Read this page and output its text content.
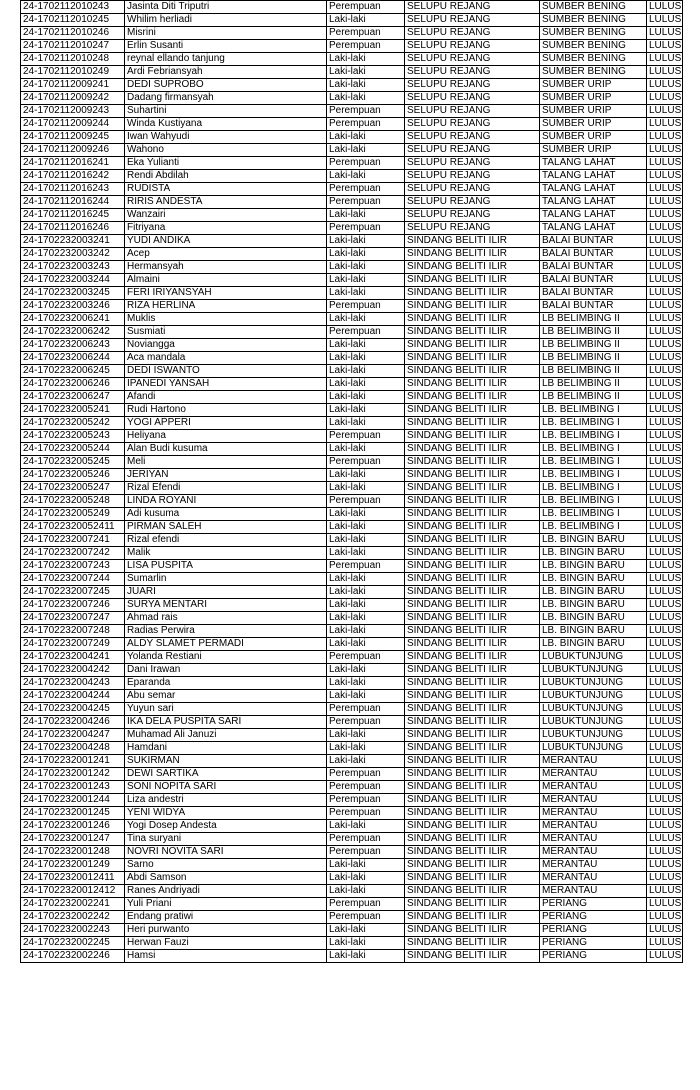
24-1702112010243	Jasinta Diti Triputri	Perempuan	SELUPU REJANG	SUMBER BENING	LULUS
24-1702112010245	Whilim herliadi	Laki-laki	SELUPU REJANG	SUMBER BENING	LULUS
24-1702112010246	Misrini	Perempuan	SELUPU REJANG	SUMBER BENING	LULUS
24-1702112010247	Erlin Susanti	Perempuan	SELUPU REJANG	SUMBER BENING	LULUS
24-1702112010248	reynal ellando tanjung	Laki-laki	SELUPU REJANG	SUMBER BENING	LULUS
24-1702112010249	Ardi Febriansyah	Laki-laki	SELUPU REJANG	SUMBER BENING	LULUS
24-1702112009241	DEDI SUPROBO	Laki-laki	SELUPU REJANG	SUMBER URIP	LULUS
24-1702112009242	Dadang firmansyah	Laki-laki	SELUPU REJANG	SUMBER URIP	LULUS
24-1702112009243	Suhartini	Perempuan	SELUPU REJANG	SUMBER URIP	LULUS
24-1702112009244	Winda Kustiyana	Perempuan	SELUPU REJANG	SUMBER URIP	LULUS
24-1702112009245	Iwan Wahyudi	Laki-laki	SELUPU REJANG	SUMBER URIP	LULUS
24-1702112009246	Wahono	Laki-laki	SELUPU REJANG	SUMBER URIP	LULUS
24-1702112016241	Eka Yulianti	Perempuan	SELUPU REJANG	TALANG LAHAT	LULUS
24-1702112016242	Rendi Abdilah	Laki-laki	SELUPU REJANG	TALANG LAHAT	LULUS
24-1702112016243	RUDISTA	Perempuan	SELUPU REJANG	TALANG LAHAT	LULUS
24-1702112016244	RIRIS ANDESTA	Perempuan	SELUPU REJANG	TALANG LAHAT	LULUS
24-1702112016245	Wanzairi	Laki-laki	SELUPU REJANG	TALANG LAHAT	LULUS
24-1702112016246	Fitriyana	Perempuan	SELUPU REJANG	TALANG LAHAT	LULUS
24-1702232003241	YUDI ANDIKA	Laki-laki	SINDANG BELITI ILIR	BALAI BUNTAR	LULUS
24-1702232003242	Acep	Laki-laki	SINDANG BELITI ILIR	BALAI BUNTAR	LULUS
24-1702232003243	Hermansyah	Laki-laki	SINDANG BELITI ILIR	BALAI BUNTAR	LULUS
24-1702232003244	Almaini	Laki-laki	SINDANG BELITI ILIR	BALAI BUNTAR	LULUS
24-1702232003245	FERI IRIYANSYAH	Laki-laki	SINDANG BELITI ILIR	BALAI BUNTAR	LULUS
24-1702232003246	RIZA HERLINA	Perempuan	SINDANG BELITI ILIR	BALAI BUNTAR	LULUS
24-1702232006241	Muklis	Laki-laki	SINDANG BELITI ILIR	LB BELIMBING II	LULUS
24-1702232006242	Susmiati	Perempuan	SINDANG BELITI ILIR	LB BELIMBING II	LULUS
24-1702232006243	Noviangga	Laki-laki	SINDANG BELITI ILIR	LB BELIMBING II	LULUS
24-1702232006244	Aca mandala	Laki-laki	SINDANG BELITI ILIR	LB BELIMBING II	LULUS
24-1702232006245	DEDI ISWANTO	Laki-laki	SINDANG BELITI ILIR	LB BELIMBING II	LULUS
24-1702232006246	IPANEDI YANSAH	Laki-laki	SINDANG BELITI ILIR	LB BELIMBING II	LULUS
24-1702232006247	Afandi	Laki-laki	SINDANG BELITI ILIR	LB BELIMBING II	LULUS
24-1702232005241	Rudi Hartono	Laki-laki	SINDANG BELITI ILIR	LB. BELIMBING I	LULUS
24-1702232005242	YOGI APPERI	Laki-laki	SINDANG BELITI ILIR	LB. BELIMBING I	LULUS
24-1702232005243	Heliyana	Perempuan	SINDANG BELITI ILIR	LB. BELIMBING I	LULUS
24-1702232005244	Alan Budi kusuma	Laki-laki	SINDANG BELITI ILIR	LB. BELIMBING I	LULUS
24-1702232005245	Meli	Perempuan	SINDANG BELITI ILIR	LB. BELIMBING I	LULUS
24-1702232005246	JERIYAN	Laki-laki	SINDANG BELITI ILIR	LB. BELIMBING I	LULUS
24-1702232005247	Rizal Efendi	Laki-laki	SINDANG BELITI ILIR	LB. BELIMBING I	LULUS
24-1702232005248	LINDA ROYANI	Perempuan	SINDANG BELITI ILIR	LB. BELIMBING I	LULUS
24-1702232005249	Adi kusuma	Laki-laki	SINDANG BELITI ILIR	LB. BELIMBING I	LULUS
24-17022320052411	PIRMAN SALEH	Laki-laki	SINDANG BELITI ILIR	LB. BELIMBING I	LULUS
24-1702232007241	Rizal efendi	Laki-laki	SINDANG BELITI ILIR	LB. BINGIN BARU	LULUS
24-1702232007242	Malik	Laki-laki	SINDANG BELITI ILIR	LB. BINGIN BARU	LULUS
24-1702232007243	LISA PUSPITA	Perempuan	SINDANG BELITI ILIR	LB. BINGIN BARU	LULUS
24-1702232007244	Sumarlin	Laki-laki	SINDANG BELITI ILIR	LB. BINGIN BARU	LULUS
24-1702232007245	JUARI	Laki-laki	SINDANG BELITI ILIR	LB. BINGIN BARU	LULUS
24-1702232007246	SURYA MENTARI	Laki-laki	SINDANG BELITI ILIR	LB. BINGIN BARU	LULUS
24-1702232007247	Ahmad rais	Laki-laki	SINDANG BELITI ILIR	LB. BINGIN BARU	LULUS
24-1702232007248	Radias Perwira	Laki-laki	SINDANG BELITI ILIR	LB. BINGIN BARU	LULUS
24-1702232007249	ALDY SLAMET PERMADI	Laki-laki	SINDANG BELITI ILIR	LB. BINGIN BARU	LULUS
24-1702232004241	Yolanda Restiani	Perempuan	SINDANG BELITI ILIR	LUBUKTUNJUNG	LULUS
24-1702232004242	Dani Irawan	Laki-laki	SINDANG BELITI ILIR	LUBUKTUNJUNG	LULUS
24-1702232004243	Eparanda	Laki-laki	SINDANG BELITI ILIR	LUBUKTUNJUNG	LULUS
24-1702232004244	Abu semar	Laki-laki	SINDANG BELITI ILIR	LUBUKTUNJUNG	LULUS
24-1702232004245	Yuyun sari	Perempuan	SINDANG BELITI ILIR	LUBUKTUNJUNG	LULUS
24-1702232004246	IKA DELA PUSPITA SARI	Perempuan	SINDANG BELITI ILIR	LUBUKTUNJUNG	LULUS
24-1702232004247	Muhamad Ali Januzi	Laki-laki	SINDANG BELITI ILIR	LUBUKTUNJUNG	LULUS
24-1702232004248	Hamdani	Laki-laki	SINDANG BELITI ILIR	LUBUKTUNJUNG	LULUS
24-1702232001241	SUKIRMAN	Laki-laki	SINDANG BELITI ILIR	MERANTAU	LULUS
24-1702232001242	DEWI SARTIKA	Perempuan	SINDANG BELITI ILIR	MERANTAU	LULUS
24-1702232001243	SONI NOPITA SARI	Perempuan	SINDANG BELITI ILIR	MERANTAU	LULUS
24-1702232001244	Liza andestri	Perempuan	SINDANG BELITI ILIR	MERANTAU	LULUS
24-1702232001245	YENI WIDYA	Perempuan	SINDANG BELITI ILIR	MERANTAU	LULUS
24-1702232001246	Yogi Dosep Andesta	Laki-laki	SINDANG BELITI ILIR	MERANTAU	LULUS
24-1702232001247	Tina suryani	Perempuan	SINDANG BELITI ILIR	MERANTAU	LULUS
24-1702232001248	NOVRI NOVITA SARI	Perempuan	SINDANG BELITI ILIR	MERANTAU	LULUS
24-1702232001249	Sarno	Laki-laki	SINDANG BELITI ILIR	MERANTAU	LULUS
24-17022320012411	Abdi Samson	Laki-laki	SINDANG BELITI ILIR	MERANTAU	LULUS
24-17022320012412	Ranes Andriyadi	Laki-laki	SINDANG BELITI ILIR	MERANTAU	LULUS
24-1702232002241	Yuli Priani	Perempuan	SINDANG BELITI ILIR	PERIANG	LULUS
24-1702232002242	Endang pratiwi	Perempuan	SINDANG BELITI ILIR	PERIANG	LULUS
24-1702232002243	Heri purwanto	Laki-laki	SINDANG BELITI ILIR	PERIANG	LULUS
24-1702232002245	Herwan Fauzi	Laki-laki	SINDANG BELITI ILIR	PERIANG	LULUS
24-1702232002246	Hamsi	Laki-laki	SINDANG BELITI ILIR	PERIANG	LULUS
